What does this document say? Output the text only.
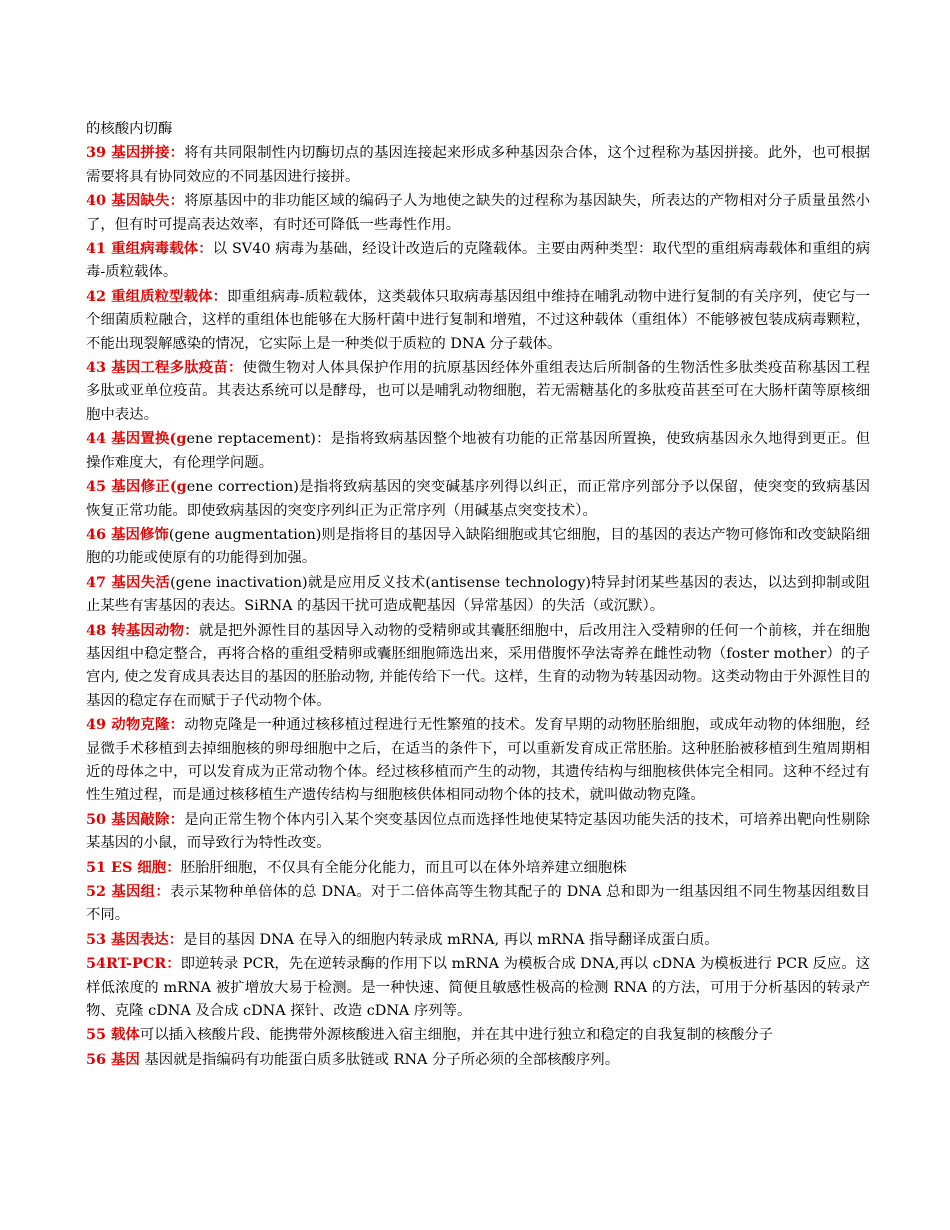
的核酸内切酶

39 基因拼接：将有共同限制性内切酶切点的基因连接起来形成多种基因杂合体，这个过程称为基因拼接。此外，也可根据需要将具有协同效应的不同基因进行接拼。

40 基因缺失：将原基因中的非功能区域的编码子人为地使之缺失的过程称为基因缺失，所表达的产物相对分子质量虽然小了，但有时可提高表达效率，有时还可降低一些毒性作用。

41 重组病毒载体：以 SV40 病毒为基础，经设计改造后的克隆载体。主要由两种类型：取代型的重组病毒载体和重组的病毒-质粒载体。

42 重组质粒型载体：即重组病毒-质粒载体，这类载体只取病毒基因组中维持在哺乳动物中进行复制的有关序列，使它与一个细菌质粒融合，这样的重组体也能够在大肠杆菌中进行复制和增殖，不过这种载体（重组体）不能够被包装成病毒颗粒，不能出现裂解感染的情况，它实际上是一种类似于质粒的 DNA 分子载体。

43 基因工程多肽疫苗：使微生物对人体具保护作用的抗原基因经体外重组表达后所制备的生物活性多肽类疫苗称基因工程多肽或亚单位疫苗。其表达系统可以是酵母，也可以是哺乳动物细胞，若无需糖基化的多肽疫苗甚至可在大肠杆菌等原核细胞中表达。

44 基因置换(gene reptacement)：是指将致病基因整个地被有功能的正常基因所置换，使致病基因永久地得到更正。但操作难度大，有伦理学问题。

45 基因修正(gene correction)是指将致病基因的突变碱基序列得以纠正，而正常序列部分予以保留，使突变的致病基因恢复正常功能。即使致病基因的突变序列纠正为正常序列（用碱基点突变技术）。

46 基因修饰(gene augmentation)则是指将目的基因导入缺陷细胞或其它细胞，目的基因的表达产物可修饰和改变缺陷细胞的功能或使原有的功能得到加强。

47 基因失活(gene inactivation)就是应用反义技术(antisense technology)特异封闭某些基因的表达，以达到抑制或阻止某些有害基因的表达。SiRNA 的基因干扰可造成靶基因（异常基因）的失活（或沉默）。

48 转基因动物：就是把外源性目的基因导入动物的受精卵或其囊胚细胞中，后改用注入受精卵的任何一个前核，并在细胞基因组中稳定整合，再将合格的重组受精卵或囊胚细胞筛选出来，采用借腹怀孕法寄养在雌性动物（foster mother）的子宫内, 使之发育成具表达目的基因的胚胎动物, 并能传给下一代。这样，生育的动物为转基因动物。这类动物由于外源性目的基因的稳定存在而赋于子代动物个体。

49 动物克隆：动物克隆是一种通过核移植过程进行无性繁殖的技术。发育早期的动物胚胎细胞，或成年动物的体细胞，经显微手术移植到去掉细胞核的卵母细胞中之后，在适当的条件下，可以重新发育成正常胚胎。这种胚胎被移植到生殖周期相近的母体之中，可以发育成为正常动物个体。经过核移植而产生的动物，其遗传结构与细胞核供体完全相同。这种不经过有性生殖过程，而是通过核移植生产遗传结构与细胞核供体相同动物个体的技术，就叫做动物克隆。

50 基因敲除：是向正常生物个体内引入某个突变基因位点而选择性地使某特定基因功能失活的技术，可培养出靶向性剔除某基因的小鼠，而导致行为特性改变。

51 ES 细胞：胚胎肝细胞，不仅具有全能分化能力，而且可以在体外培养建立细胞株

52 基因组：表示某物种单倍体的总 DNA。对于二倍体高等生物其配子的 DNA 总和即为一组基因组不同生物基因组数目不同。

53 基因表达：是目的基因 DNA 在导入的细胞内转录成 mRNA, 再以 mRNA 指导翻译成蛋白质。

54RT-PCR：即逆转录 PCR，先在逆转录酶的作用下以 mRNA 为模板合成 DNA,再以 cDNA 为模板进行 PCR 反应。这样低浓度的 mRNA 被扩增放大易于检测。是一种快速、简便且敏感性极高的检测 RNA 的方法，可用于分析基因的转录产物、克隆 cDNA 及合成 cDNA 探针、改造 cDNA 序列等。

55 载体可以插入核酸片段、能携带外源核酸进入宿主细胞，并在其中进行独立和稳定的自我复制的核酸分子

56 基因 基因就是指编码有功能蛋白质多肽链或 RNA 分子所必须的全部核酸序列。
